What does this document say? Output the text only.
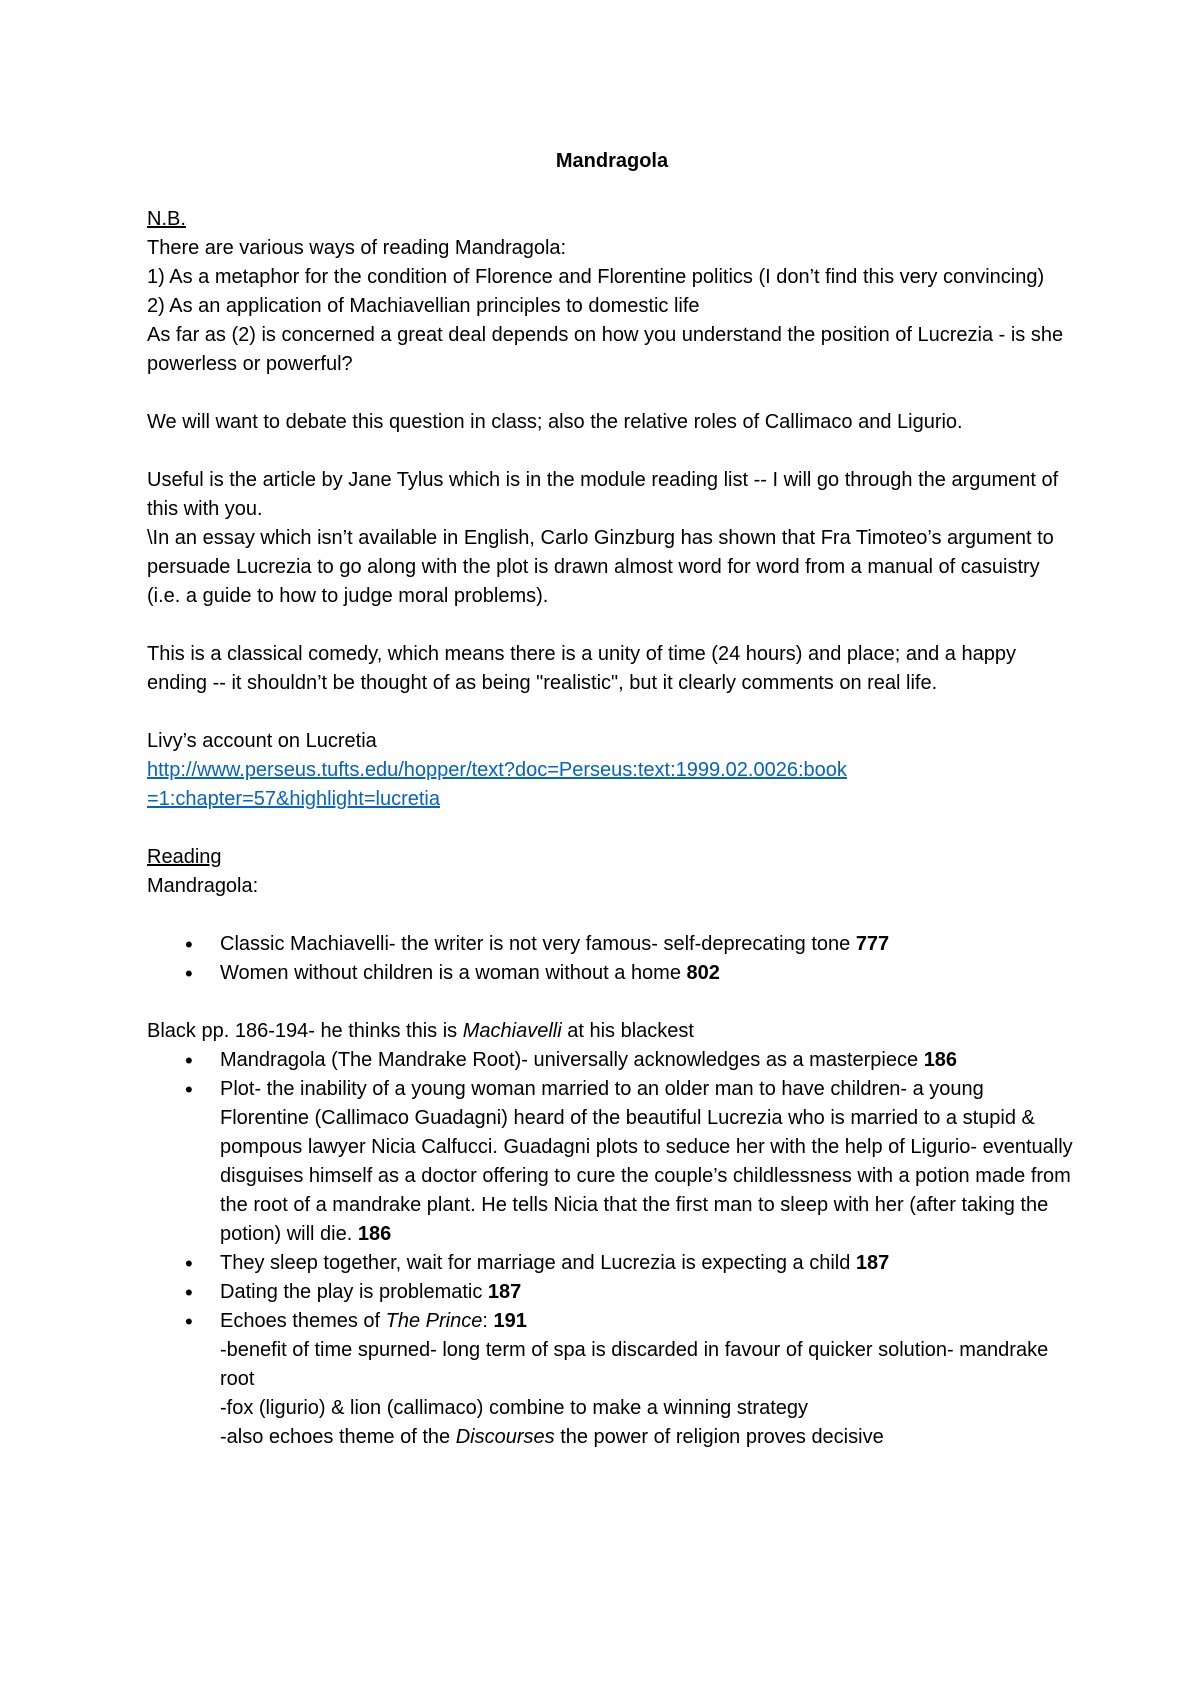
Mandragola

N.B.

There are various ways of reading Mandragola:

1) As a metaphor for the condition of Florence and Florentine politics (I don’t find this very convincing)

2) As an application of Machiavellian principles to domestic life

As far as (2) is concerned a great deal depends on how you understand the position of Lucrezia - is she powerless or powerful?

We will want to debate this question in class; also the relative roles of Callimaco and Ligurio.

Useful is the article by Jane Tylus which is in the module reading list -- I will go through the argument of this with you.

\In an essay which isn’t available in English, Carlo Ginzburg has shown that Fra Timoteo’s argument to persuade Lucrezia to go along with the plot is drawn almost word for word from a manual of casuistry (i.e. a guide to how to judge moral problems).

This is a classical comedy, which means there is a unity of time (24 hours) and place; and a happy ending -- it shouldn’t be thought of as being "realistic", but it clearly comments on real life.

Livy’s account on Lucretia

http://www.perseus.tufts.edu/hopper/text?doc=Perseus:text:1999.02.0026:book=1:chapter=57&highlight=lucretia

Reading

Mandragola:

• Classic Machiavelli- the writer is not very famous- self-deprecating tone 777
• Women without children is a woman without a home 802

Black pp. 186-194- he thinks this is Machiavelli at his blackest

• Mandragola (The Mandrake Root)- universally acknowledges as a masterpiece 186
• Plot- the inability of a young woman married to an older man to have children- a young Florentine (Callimaco Guadagni) heard of the beautiful Lucrezia who is married to a stupid & pompous lawyer Nicia Calfucci. Guadagni plots to seduce her with the help of Ligurio- eventually disguises himself as a doctor offering to cure the couple’s childlessness with a potion made from the root of a mandrake plant. He tells Nicia that the first man to sleep with her (after taking the potion) will die. 186
• They sleep together, wait for marriage and Lucrezia is expecting a child 187
• Dating the play is problematic 187
• Echoes themes of The Prince: 191
-benefit of time spurned- long term of spa is discarded in favour of quicker solution- mandrake root
-fox (ligurio) & lion (callimaco) combine to make a winning strategy
-also echoes theme of the Discourses the power of religion proves decisive
